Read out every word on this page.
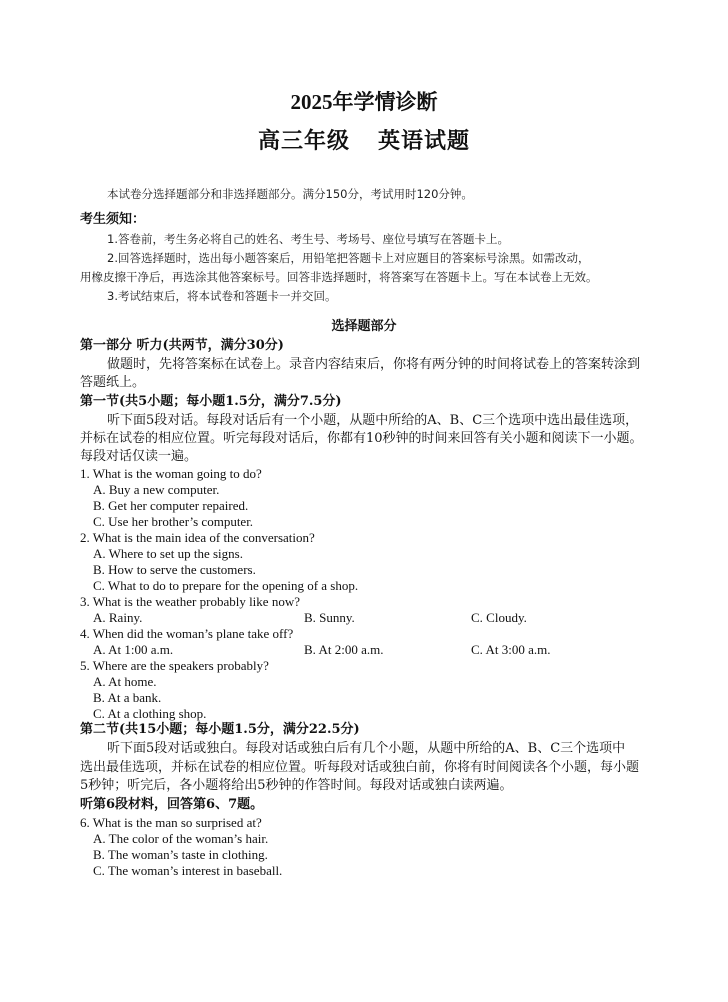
2025年学情诊断
高三年级 英语试题
本试卷分选择题部分和非选择题部分。满分150分，考试用时120分钟。
考生须知：
1.答卷前，考生务必将自己的姓名、考生号、考场号、座位号填写在答题卡上。
2.回答选择题时，选出每小题答案后，用铅笔把答题卡上对应题目的答案标号涂黑。如需改动，
用橡皮擦干净后，再选涂其他答案标号。回答非选择题时，将答案写在答题卡上。写在本试卷上无效。
3.考试结束后，将本试卷和答题卡一并交回。
选择题部分
第一部分 听力(共两节，满分30分)
做题时，先将答案标在试卷上。录音内容结束后，你将有两分钟的时间将试卷上的答案转涂到
答题纸上。
第一节(共5小题；每小题1.5分，满分7.5分)
听下面5段对话。每段对话后有一个小题，从题中所给的A、B、C三个选项中选出最佳选项，
并标在试卷的相应位置。听完每段对话后，你都有10秒钟的时间来回答有关小题和阅读下一小题。
每段对话仅读一遍。
1. What is the woman going to do?
A. Buy a new computer.
B. Get her computer repaired.
C. Use her brother’s computer.
2. What is the main idea of the conversation?
A. Where to set up the signs.
B. How to serve the customers.
C. What to do to prepare for the opening of a shop.
3. What is the weather probably like now?
A. Rainy.	B. Sunny.	C. Cloudy.
4. When did the woman’s plane take off?
A. At 1:00 a.m.	B. At 2:00 a.m.	C. At 3:00 a.m.
5. Where are the speakers probably?
A. At home.
B. At a bank.
C. At a clothing shop.
第二节(共15小题；每小题1.5分，满分22.5分)
听下面5段对话或独白。每段对话或独白后有几个小题，从题中所给的A、B、C三个选项中
选出最佳选项，并标在试卷的相应位置。听每段对话或独白前，你将有时间阅读各个小题，每小题
5秒钟；听完后，各小题将给出5秒钟的作答时间。每段对话或独白读两遍。
听第6段材料，回答第6、7题。
6. What is the man so surprised at?
A. The color of the woman’s hair.
B. The woman’s taste in clothing.
C. The woman’s interest in baseball.
